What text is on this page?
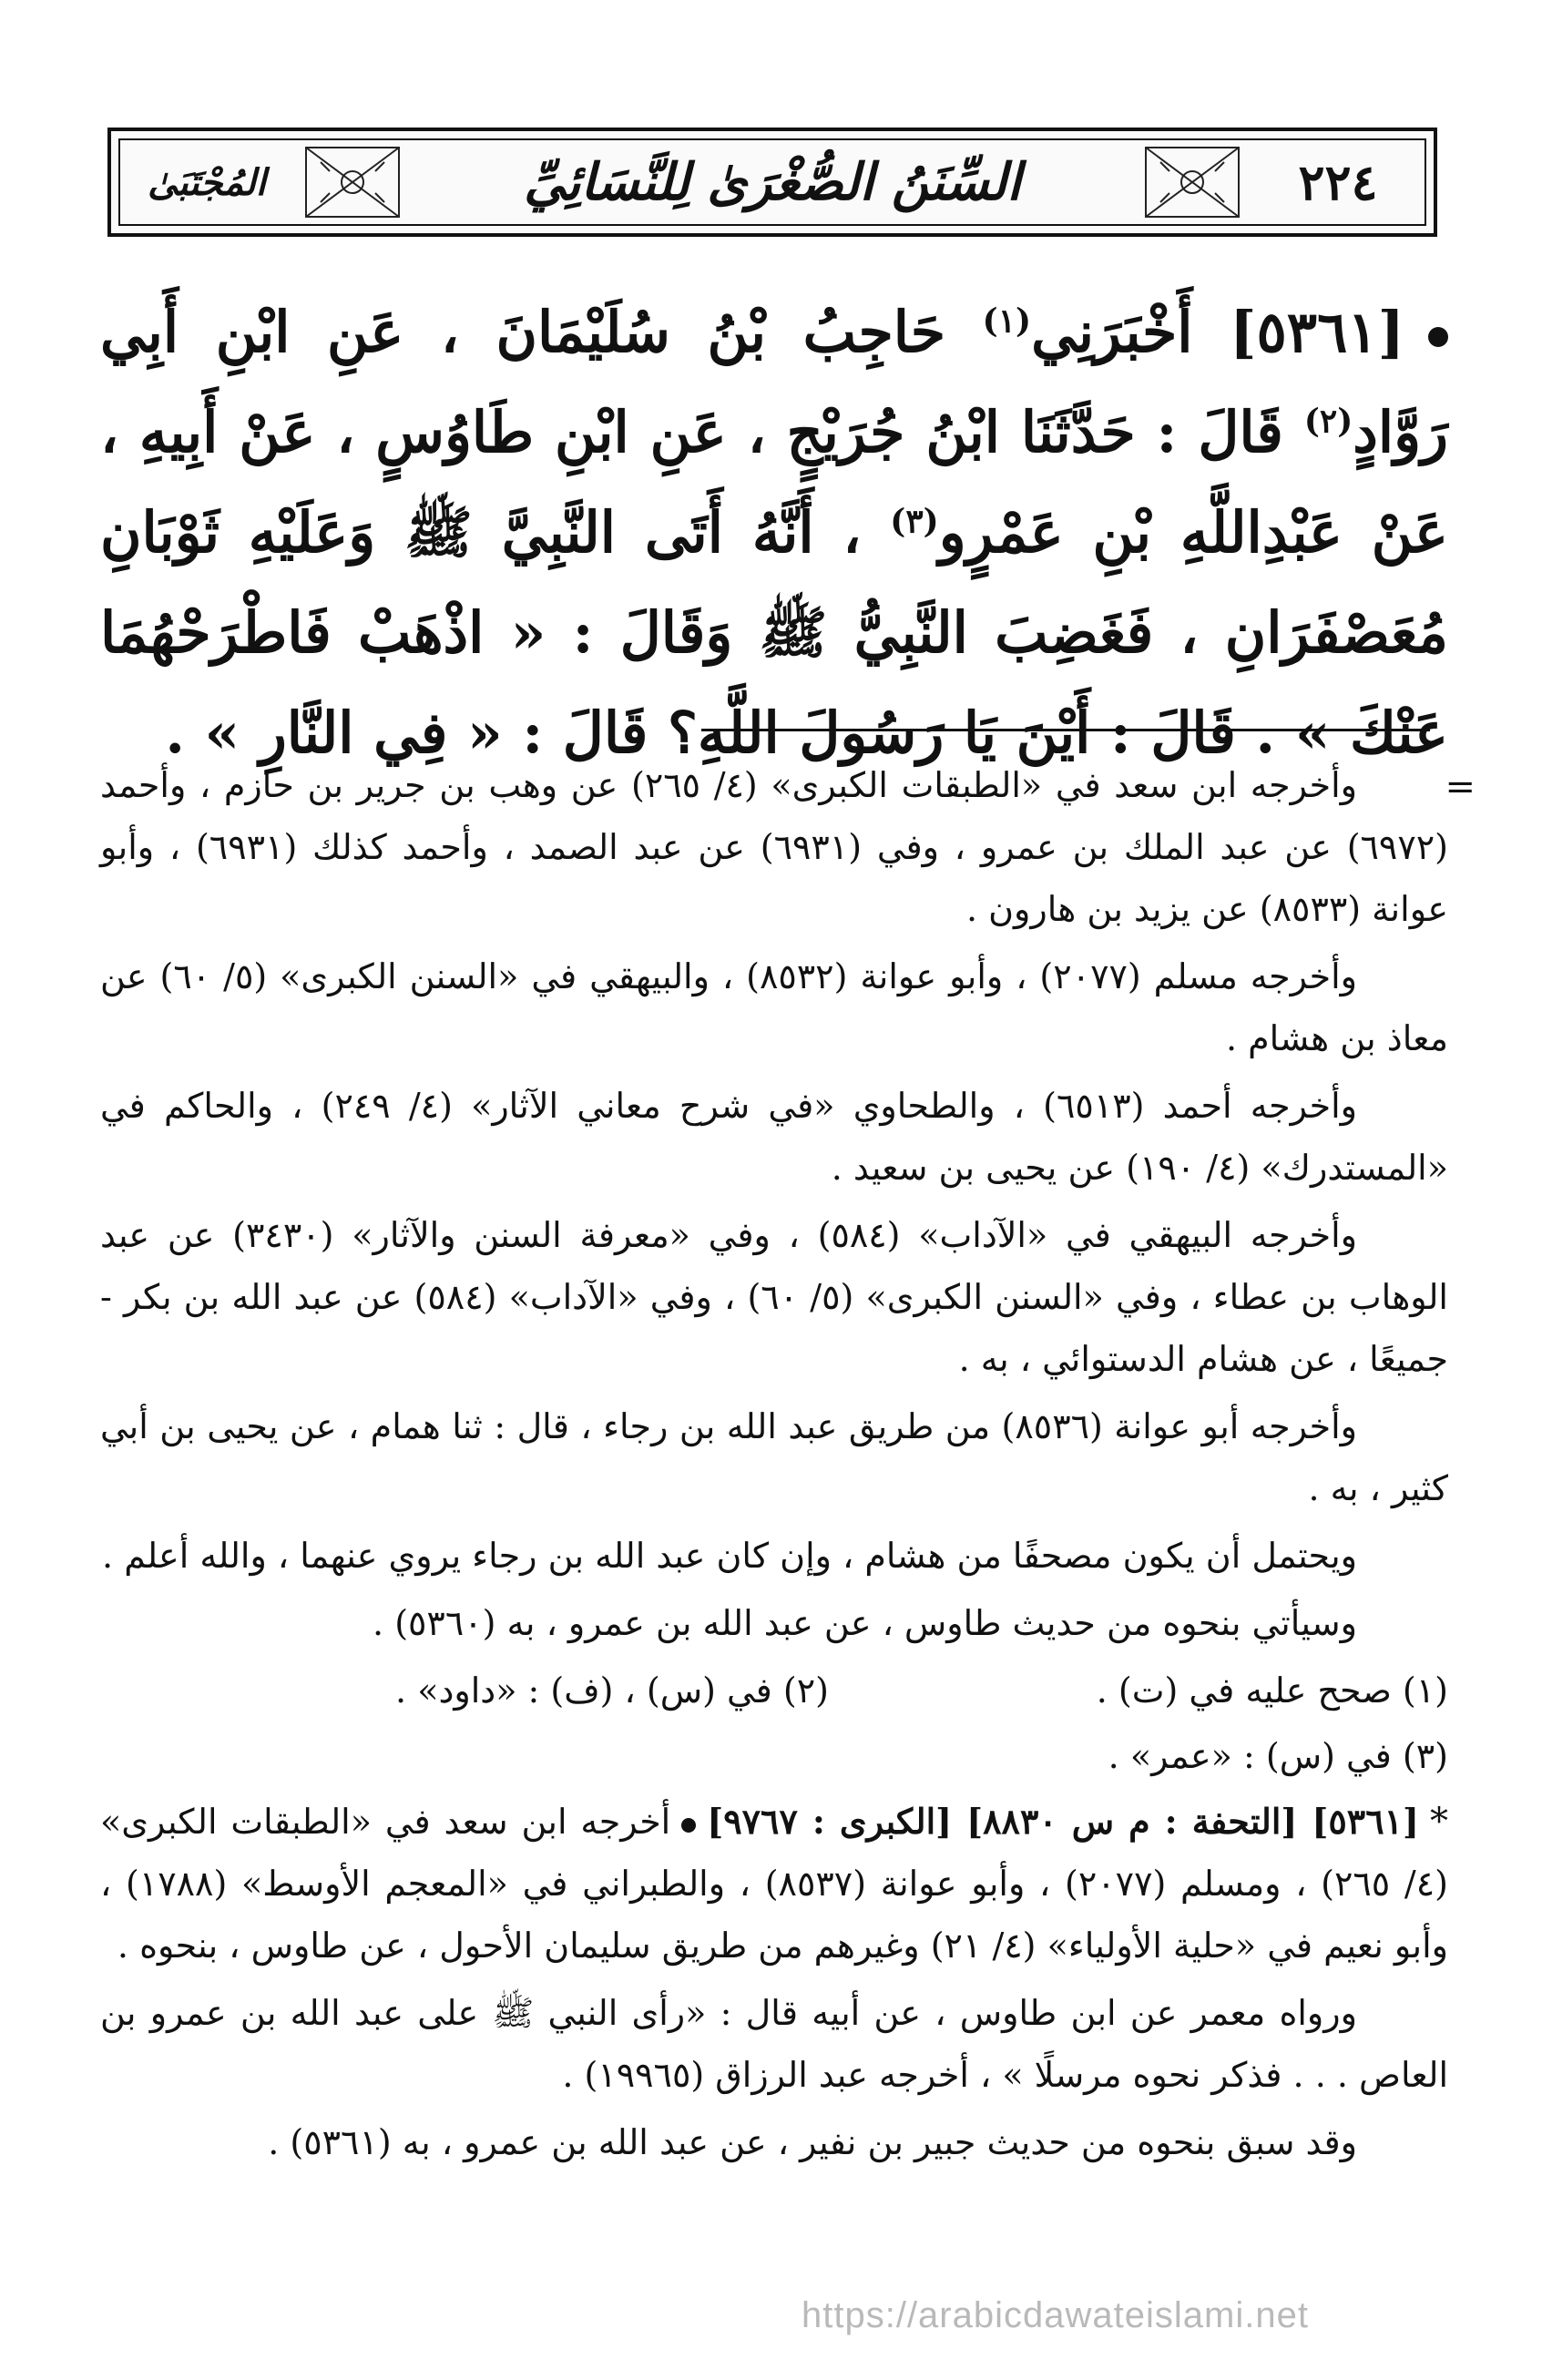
٢٢٤
السِّنَنُ الصُّغْرَىٰ لِلنَّسَائِيِّ
المُجْتَبَىٰ
[٥٣٦١] أَخْبَرَنِي$^{(١)}$ حَاجِبُ بْنُ سُلَيْمَانَ ، عَنِ ابْنِ أَبِي رَوَّادٍ$^{(٢)}$ قَالَ : حَدَّثَنَا ابْنُ جُرَيْجٍ ، عَنِ ابْنِ طَاوُسٍ ، عَنْ أَبِيهِ ، عَنْ عَبْدِاللَّهِ بْنِ عَمْرٍو$^{(٣)}$ ، أَنَّهُ أَتَى النَّبِيَّ ﷺ وَعَلَيْهِ ثَوْبَانِ مُعَصْفَرَانِ ، فَغَضِبَ النَّبِيُّ ﷺ وَقَالَ : « اذْهَبْ فَاطْرَحْهُمَا عَنْكَ » . قَالَ : أَيْنَ يَا رَسُولَ اللَّهِ؟ قَالَ : « فِي النَّارِ » .
=

وأخرجه ابن سعد في «الطبقات الكبرى» (٤/ ٢٦٥) عن وهب بن جرير بن حازم ، وأحمد (٦٩٧٢) عن عبد الملك بن عمرو ، وفي (٦٩٣١) عن عبد الصمد ، وأحمد كذلك (٦٩٣١) ، وأبو عوانة (٨٥٣٣) عن يزيد بن هارون .

وأخرجه مسلم (٢٠٧٧) ، وأبو عوانة (٨٥٣٢) ، والبيهقي في «السنن الكبرى» (٥/ ٦٠) عن معاذ بن هشام .

وأخرجه أحمد (٦٥١٣) ، والطحاوي «في شرح معاني الآثار» (٤/ ٢٤٩) ، والحاكم في «المستدرك» (٤/ ١٩٠) عن يحيى بن سعيد .

وأخرجه البيهقي في «الآداب» (٥٨٤) ، وفي «معرفة السنن والآثار» (٣٤٣٠) عن عبد الوهاب بن عطاء ، وفي «السنن الكبرى» (٥/ ٦٠) ، وفي «الآداب» (٥٨٤) عن عبد الله بن بكر - جميعًا ، عن هشام الدستوائي ، به .

وأخرجه أبو عوانة (٨٥٣٦) من طريق عبد الله بن رجاء ، قال : ثنا همام ، عن يحيى بن أبي كثير ، به .

ويحتمل أن يكون مصحفًا من هشام ، وإن كان عبد الله بن رجاء يروي عنهما ، والله أعلم .

وسيأتي بنحوه من حديث طاوس ، عن عبد الله بن عمرو ، به (٥٣٦٠) .

(١) صحح عليه في (ت) .
(٢) في (س) ، (ف) : «داود» .
(٣) في (س) : «عمر» .

*[٥٣٦١] [التحفة : م س ٨٨٣٠] [الكبرى : ٩٧٦٧]أخرجه ابن سعد في «الطبقات الكبرى» (٤/ ٢٦٥) ، ومسلم (٢٠٧٧) ، وأبو عوانة (٨٥٣٧) ، والطبراني في «المعجم الأوسط» (١٧٨٨) ، وأبو نعيم في «حلية الأولياء» (٤/ ٢١) وغيرهم من طريق سليمان الأحول ، عن طاوس ، بنحوه .

ورواه معمر عن ابن طاوس ، عن أبيه قال : «رأى النبي ﷺ على عبد الله بن عمرو بن العاص . . . فذكر نحوه مرسلًا » ، أخرجه عبد الرزاق (١٩٩٦٥) .

وقد سبق بنحوه من حديث جبير بن نفير ، عن عبد الله بن عمرو ، به (٥٣٦١) .

https://arabicdawateislami.net
